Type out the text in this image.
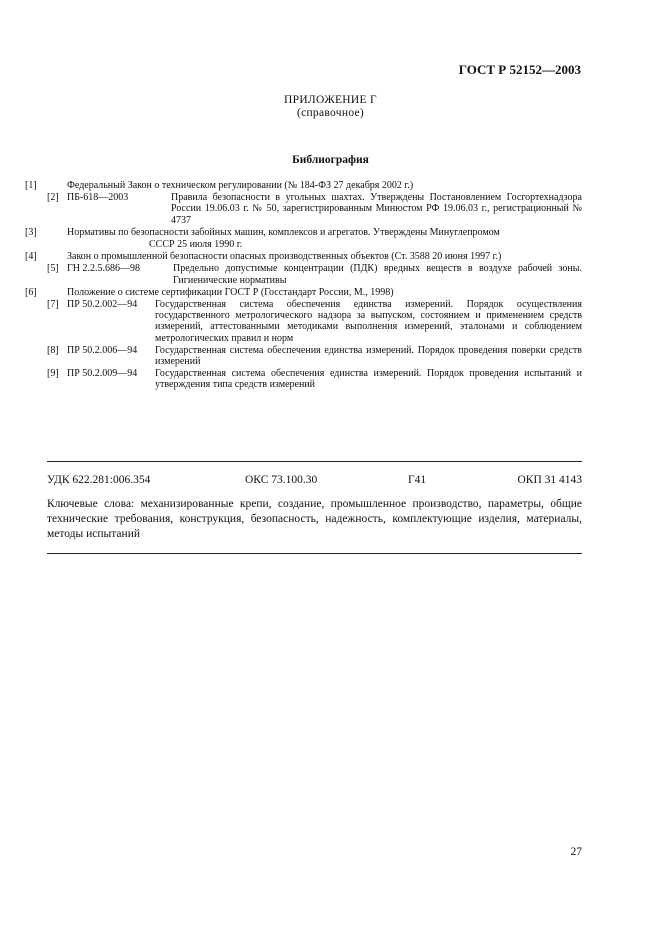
ГОСТ Р 52152—2003
ПРИЛОЖЕНИЕ Г
(справочное)
Библиография
[1]	Федеральный Закон о техническом регулировании (№ 184-ФЗ 27 декабря 2002 г.)
[2] ПБ-618—2003	Правила безопасности в угольных шахтах. Утверждены Постановлением Госгортехнадзора России 19.06.03 г. № 50, зарегистрированным Минюстом РФ 19.06.03 г., регистрационный № 4737
[3]	Нормативы по безопасности забойных машин, комплексов и агрегатов. Утверждены Минуглепромом
СССР 25 июля 1990 г.
[4]	Закон о промышленной безопасности опасных производственных объектов (Ст. 3588 20 июня 1997 г.)
[5] ГН 2.2.5.686—98	Предельно допустимые концентрации (ПДК) вредных веществ в воздухе рабочей зоны. Гигиенические нормативы
[6]	Положение о системе сертификации ГОСТ Р (Госстандарт России, М., 1998)
[7] ПР 50.2.002—94	Государственная система обеспечения единства измерений. Порядок осуществления государственного метрологического надзора за выпуском, состоянием и применением средств измерений, аттестованными методиками выполнения измерений, эталонами и соблюдением метрологических правил и норм
[8] ПР 50.2.006—94	Государственная система обеспечения единства измерений. Порядок проведения поверки средств измерений
[9] ПР 50.2.009—94	Государственная система обеспечения единства измерений. Порядок проведения испытаний и утверждения типа средств измерений
УДК 622.281:006.354	ОКС 73.100.30	Г41	ОКП 31 4143
Ключевые слова: механизированные крепи, создание, промышленное производство, параметры, общие технические требования, конструкция, безопасность, надежность, комплектующие изделия, материалы, методы испытаний
27
